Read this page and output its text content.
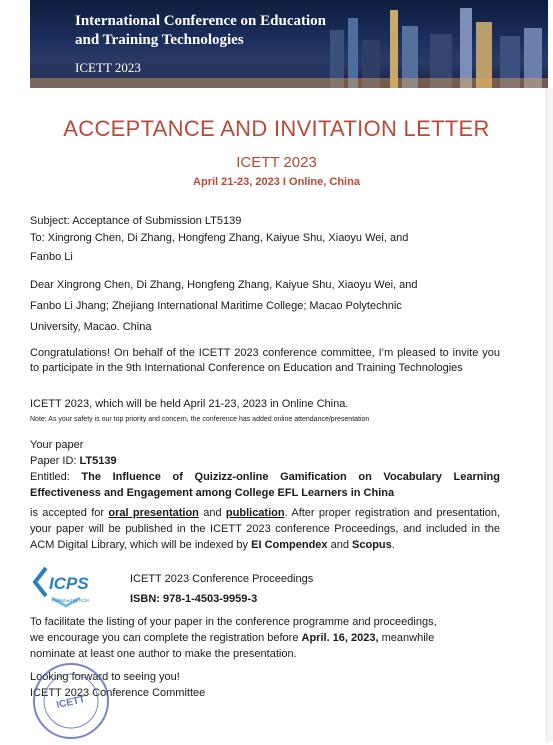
International Conference on Education
and Training Technologies
ICETT 2023
ACCEPTANCE AND INVITATION LETTER
ICETT 2023
April 21-23, 2023 I Online, China
Subject: Acceptance of Submission LT5139
To: Xingrong Chen, Di Zhang, Hongfeng Zhang, Kaiyue Shu, Xiaoyu Wei, and
Fanbo Li
Dear Xingrong Chen, Di Zhang, Hongfeng Zhang, Kaiyue Shu, Xiaoyu Wei, and
Fanbo Li Jhang; Zhejiang International Maritime College; Macao Polytechnic
University, Macao. China
Congratulations! On behalf of the ICETT 2023 conference committee, I’m pleased to invite you to participate in the 9th International Conference on Education and Training Technologies
ICETT 2023, which will be held April 21-23, 2023 in Online China.
Note: As your safety is our top priority and concern, the conference has added online attendance/presentation
Your paper
Paper ID: LT5139
Entitled: The Influence of Quizizz-online Gamification on Vocabulary Learning Effectiveness and Engagement among College EFL Learners in China
is accepted for oral presentation and publication. After proper registration and presentation, your paper will be published in the ICETT 2023 conference Proceedings, and included in the ACM Digital Library, which will be indexed by EI Compendex and Scopus.
ICPS
Published by ACM
ICETT 2023 Conference Proceedings
ISBN: 978-1-4503-9959-3
To facilitate the listing of your paper in the conference programme and proceedings,
we encourage you can complete the registration before April. 16, 2023, meanwhile
nominate at least one author to make the presentation.
Looking forward to seeing you!
ICETT 2023 Conference Committee
ICETT
